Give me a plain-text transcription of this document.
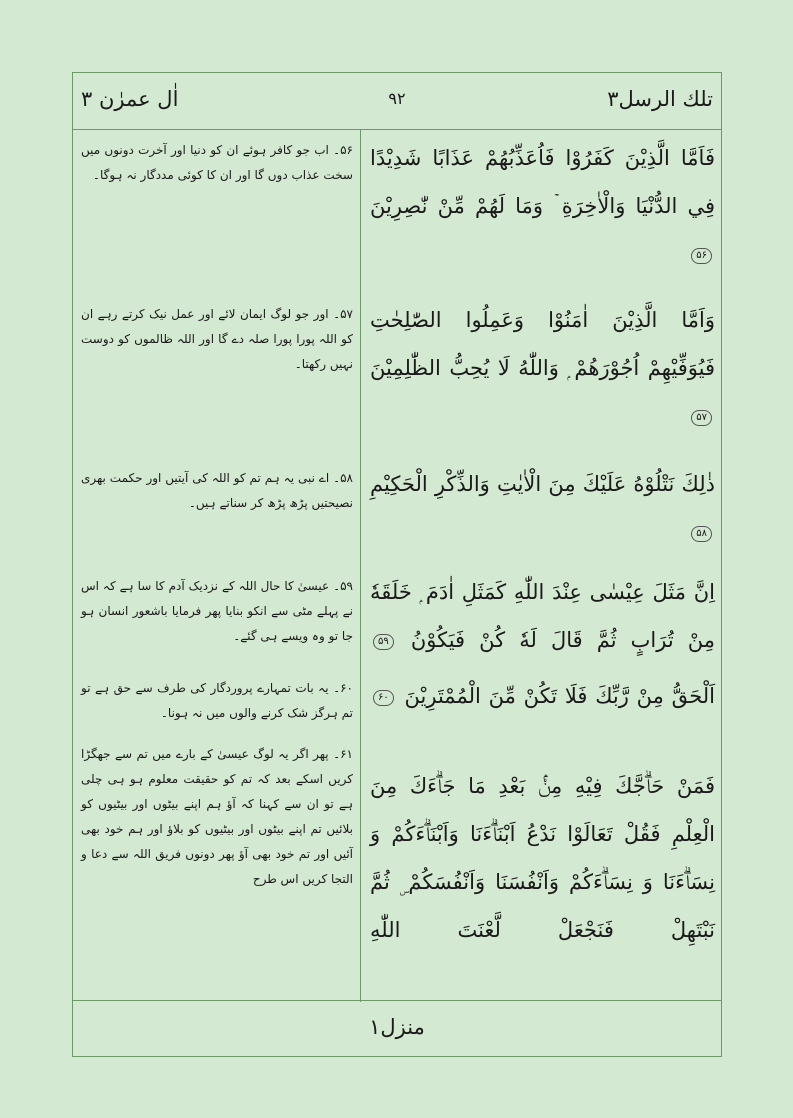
تلك الرسل۳
۹۲
اٰل عمرٰن ۳
فَاَمَّا الَّذِيْنَ كَفَرُوْا فَاُعَذِّبُهُمْ عَذَابًا شَدِيْدًا فِي الدُّنْيَا وَالْاٰخِرَةِ ۡ وَمَا لَهُمْ مِّنْ نّٰصِرِيْنَ ۵۶
۵۶۔ اب جو کافر ہوئے ان کو دنیا اور آخرت دونوں میں سخت عذاب دوں گا اور ان کا کوئی مددگار نہ ہوگا۔
وَاَمَّا الَّذِيْنَ اٰمَنُوْا وَعَمِلُوا الصّٰلِحٰتِ فَيُوَفِّيْهِمْ اُجُوْرَهُمْ ۭ وَاللّٰهُ لَا يُحِبُّ الظّٰلِمِيْنَ ۵۷
۵۷۔ اور جو لوگ ایمان لائے اور عمل نیک کرتے رہے ان کو اللہ پورا پورا صلہ دے گا اور اللہ ظالموں کو دوست نہیں رکھتا۔
ذٰلِكَ نَتْلُوْهُ عَلَيْكَ مِنَ الْاٰيٰتِ وَالذِّكْرِ الْحَكِيْمِ ۵۸
۵۸۔ اے نبی یہ ہم تم کو اللہ کی آیتیں اور حکمت بھری نصیحتیں پڑھ پڑھ کر سناتے ہیں۔
اِنَّ مَثَلَ عِيْسٰى عِنْدَ اللّٰهِ كَمَثَلِ اٰدَمَ ۭ خَلَقَهٗ مِنْ تُرَابٍ ثُمَّ قَالَ لَهٗ كُنْ فَيَكُوْنُ ۵۹
۵۹۔ عیسیٰ کا حال اللہ کے نزدیک آدم کا سا ہے کہ اس نے پہلے مٹی سے انکو بنایا پھر فرمایا باشعور انسان ہو جا تو وہ ویسے ہی گئے۔
اَلْحَقُّ مِنْ رَّبِّكَ فَلَا تَكُنْ مِّنَ الْمُمْتَرِيْنَ ۶۰
۶۰۔ یہ بات تمہارے پروردگار کی طرف سے حق ہے تو تم ہرگز شک کرنے والوں میں نہ ہونا۔
فَمَنْ حَاۗجَّكَ فِيْهِ مِنْۢ بَعْدِ مَا جَاۗءَكَ مِنَ الْعِلْمِ فَقُلْ تَعَالَوْا نَدْعُ اَبْنَاۗءَنَا وَاَبْنَاۗءَكُمْ وَ نِسَاۗءَنَا وَ نِسَاۗءَكُمْ وَاَنْفُسَنَا وَاَنْفُسَكُمْ ۣ ثُمَّ نَبْتَهِلْ فَنَجْعَلْ لَّعْنَتَ اللّٰهِ
۶۱۔ پھر اگر یہ لوگ عیسیٰ کے بارے میں تم سے جھگڑا کریں اسکے بعد کہ تم کو حقیقت معلوم ہو ہی چلی ہے تو ان سے کہنا کہ آؤ ہم اپنے بیٹوں اور بیٹیوں کو بلائیں تم اپنے بیٹوں اور بیٹیوں کو بلاؤ اور ہم خود بھی آئیں اور تم خود بھی آؤ پھر دونوں فریق اللہ سے دعا و التجا کریں اس طرح
منزل۱
